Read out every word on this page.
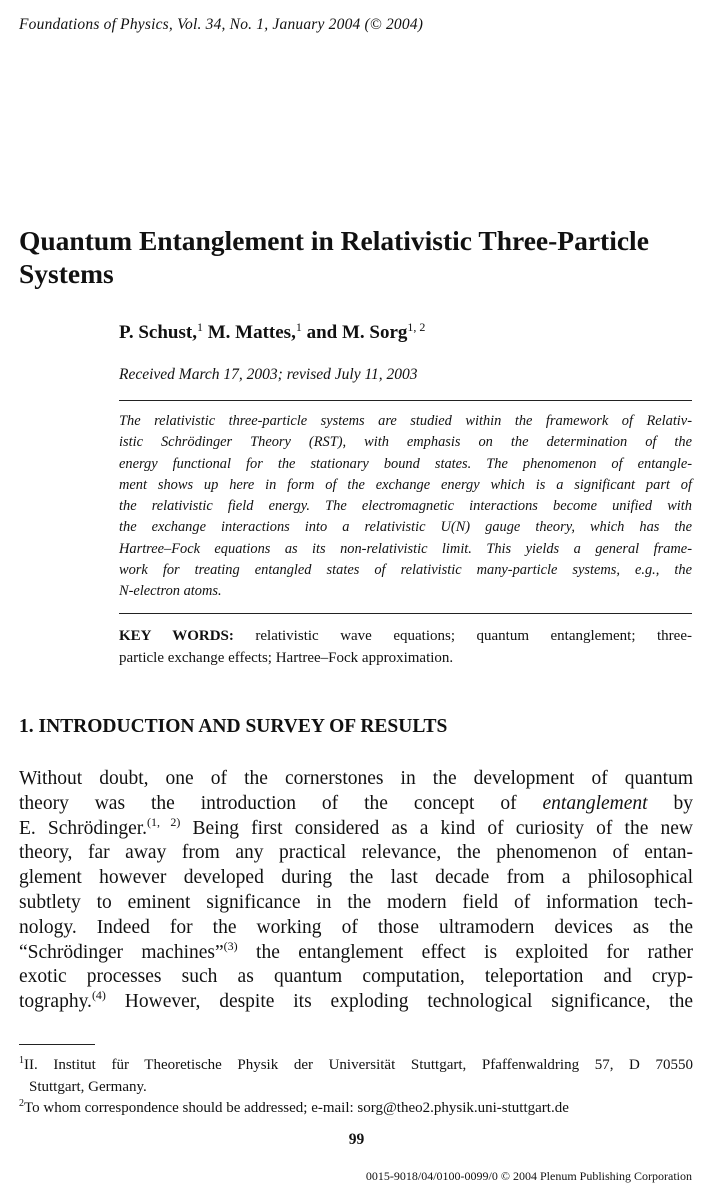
Foundations of Physics, Vol. 34, No. 1, January 2004 (© 2004)
Quantum Entanglement in Relativistic Three-Particle
Systems
P. Schust,$^1$ M. Mattes,$^1$ and M. Sorg$^{1, 2}$
Received March 17, 2003; revised July 11, 2003
The relativistic three-particle systems are studied within the framework of Relativ-
istic Schrödinger Theory (RST), with emphasis on the determination of the
energy functional for the stationary bound states. The phenomenon of entangle-
ment shows up here in form of the exchange energy which is a significant part of
the relativistic field energy. The electromagnetic interactions become unified with
the exchange interactions into a relativistic U(N) gauge theory, which has the
Hartree–Fock equations as its non-relativistic limit. This yields a general frame-
work for treating entangled states of relativistic many-particle systems, e.g., the
N-electron atoms.
KEY WORDS: relativistic wave equations; quantum entanglement; three-
particle exchange effects; Hartree–Fock approximation.
1. INTRODUCTION AND SURVEY OF RESULTS
Without doubt, one of the cornerstones in the development of quantum
theory was the introduction of the concept of entanglement by
E. Schrödinger.$^{(1, 2)}$ Being first considered as a kind of curiosity of the new
theory, far away from any practical relevance, the phenomenon of entan-
glement however developed during the last decade from a philosophical
subtlety to eminent significance in the modern field of information tech-
nology. Indeed for the working of those ultramodern devices as the
“Schrödinger machines”$^{(3)}$ the entanglement effect is exploited for rather
exotic processes such as quantum computation, teleportation and cryp-
tography.$^{(4)}$ However, despite its exploding technological significance, the
$^1$II. Institut für Theoretische Physik der Universität Stuttgart, Pfaffenwaldring 57, D 70550
Stuttgart, Germany.
$^2$To whom correspondence should be addressed; e-mail: sorg@theo2.physik.uni-stuttgart.de
99
0015-9018/04/0100-0099/0 © 2004 Plenum Publishing Corporation
